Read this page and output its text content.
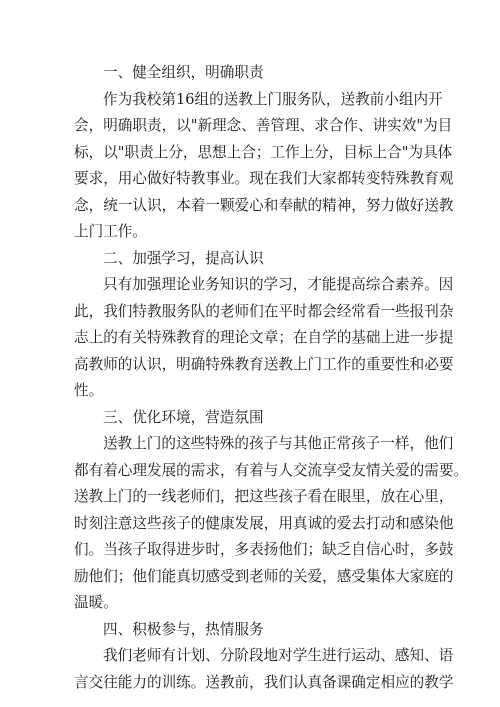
一、健全组织，明确职责
作为我校第16组的送教上门服务队，送教前小组内开
会，明确职责，以"新理念、善管理、求合作、讲实效"为目
标，以"职责上分，思想上合；工作上分，目标上合"为具体
要求，用心做好特教事业。现在我们大家都转变特殊教育观
念，统一认识，本着一颗爱心和奉献的精神，努力做好送教
上门工作。
二、加强学习，提高认识
只有加强理论业务知识的学习，才能提高综合素养。因
此，我们特教服务队的老师们在平时都会经常看一些报刊杂
志上的有关特殊教育的理论文章；在自学的基础上进一步提
高教师的认识，明确特殊教育送教上门工作的重要性和必要
性。
三、优化环境，营造氛围
送教上门的这些特殊的孩子与其他正常孩子一样，他们
都有着心理发展的需求，有着与人交流享受友情关爱的需要。
送教上门的一线老师们，把这些孩子看在眼里，放在心里，
时刻注意这些孩子的健康发展，用真诚的爱去打动和感染他
们。当孩子取得进步时，多表扬他们；缺乏自信心时，多鼓
励他们；他们能真切感受到老师的关爱，感受集体大家庭的
温暖。
四、积极参与，热情服务
我们老师有计划、分阶段地对学生进行运动、感知、语
言交往能力的训练。送教前，我们认真备课确定相应的教学
